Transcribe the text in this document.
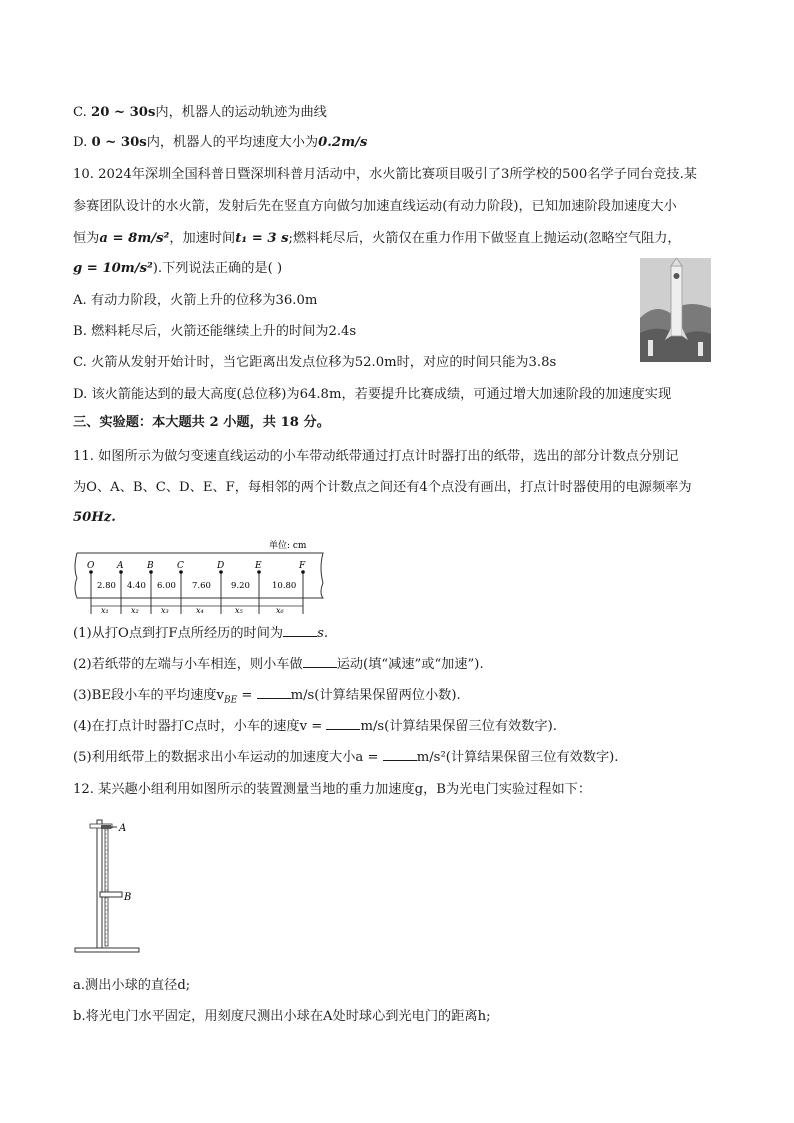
C. 20 ~ 30s内，机器人的运动轨迹为曲线
D. 0 ~ 30s内，机器人的平均速度大小为0.2m/s
10. 2024年深圳全国科普日暨深圳科普月活动中，水火箭比赛项目吸引了3所学校的500名学子同台竞技.某
参赛团队设计的水火箭，发射后先在竖直方向做匀加速直线运动(有动力阶段)，已知加速阶段加速度大小
恒为a = 8m/s²，加速时间t₁ = 3 s;燃料耗尽后，火箭仅在重力作用下做竖直上抛运动(忽略空气阻力，
g = 10m/s²).下列说法正确的是( )
A. 有动力阶段，火箭上升的位移为36.0m
B. 燃料耗尽后，火箭还能继续上升的时间为2.4s
C. 火箭从发射开始计时，当它距离出发点位移为52.0m时，对应的时间只能为3.8s
D. 该火箭能达到的最大高度(总位移)为64.8m，若要提升比赛成绩，可通过增大加速阶段的加速度实现
三、实验题：本大题共 2 小题，共 18 分。
11. 如图所示为做匀变速直线运动的小车带动纸带通过打点计时器打出的纸带，选出的部分计数点分别记
为O、A、B、C、D、E、F，每相邻的两个计数点之间还有4个点没有画出，打点计时器使用的电源频率为
50Hz.
单位: cm
O	A	B	C	D	E	F
2.80 4.40 6.00 7.60 9.20	10.80
x₁	x₂	x₃	x₄	x₅	x₆
(1)从打O点到打F点所经历的时间为	s.
(2)若纸带的左端与小车相连，则小车做	运动(填“减速”或“加速”).
(3)BE段小车的平均速度$v_{BE}$ =	m/s(计算结果保留两位小数).
(4)在打点计时器打C点时，小车的速度v =	m/s(计算结果保留三位有效数字).
(5)利用纸带上的数据求出小车运动的加速度大小a =	m/s²(计算结果保留三位有效数字).
12. 某兴趣小组利用如图所示的装置测量当地的重力加速度g，B为光电门实验过程如下：
A
B
a.测出小球的直径d;
b.将光电门水平固定，用刻度尺测出小球在A处时球心到光电门的距离h;
